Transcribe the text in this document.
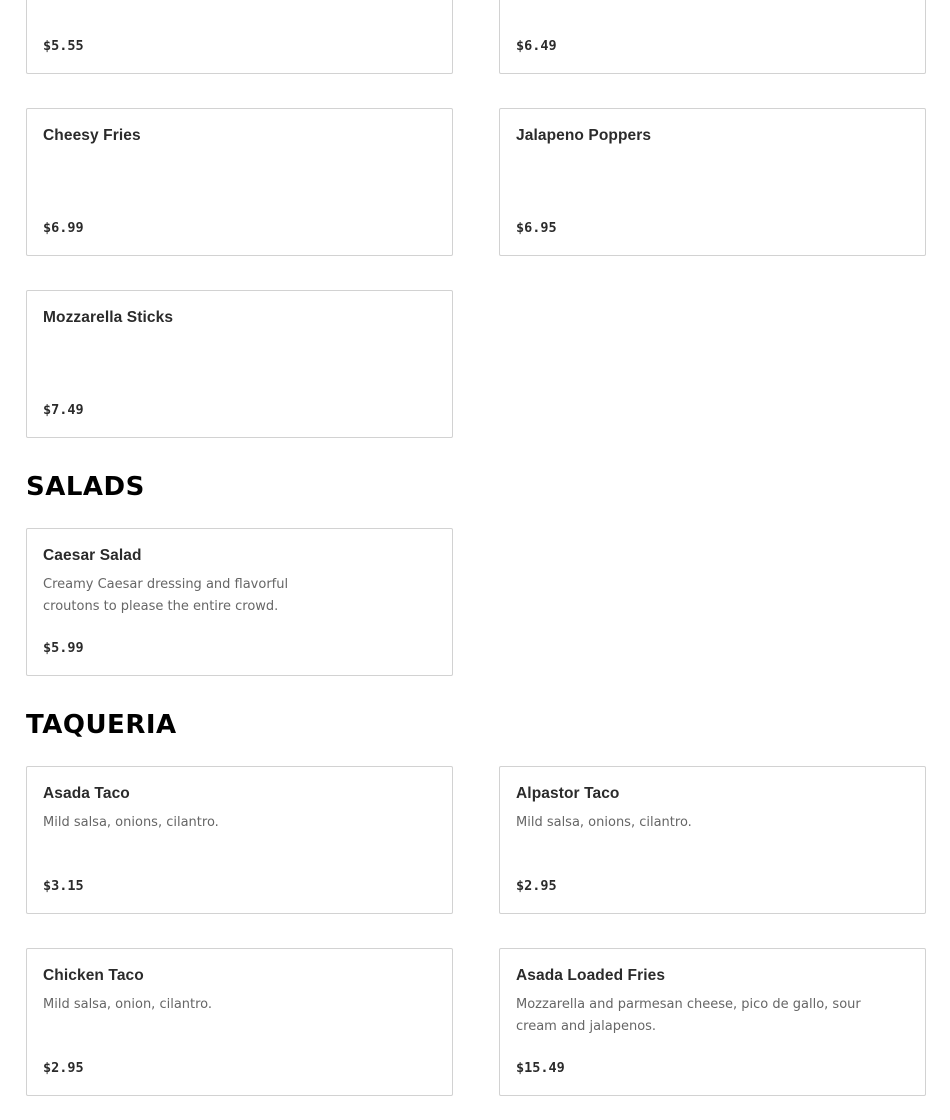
$5.55	$6.49
Cheesy Fries
$6.99
Jalapeno Poppers
$6.95
Mozzarella Sticks
$7.49
SALADS
Caesar Salad
Creamy Caesar dressing and flavorful croutons to please the entire crowd.
$5.99
TAQUERIA
Asada Taco
Mild salsa, onions, cilantro.
$3.15
Alpastor Taco
Mild salsa, onions, cilantro.
$2.95
Chicken Taco
Mild salsa, onion, cilantro.
$2.95
Asada Loaded Fries
Mozzarella and parmesan cheese, pico de gallo, sour cream and jalapenos.
$15.49
